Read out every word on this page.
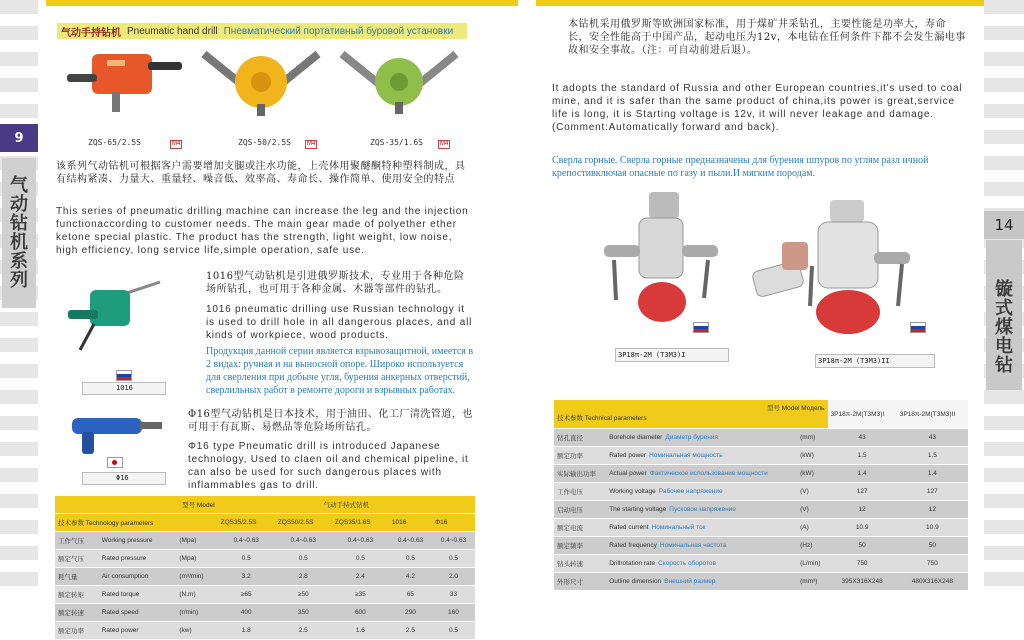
9
气
动
钻
机
系
列
14
镟
式
煤
电
钻
气动手持钻机 Pneumatic hand drill Пневматический портативный буровой установки
ZQS-65/2.5S	M4	ZQS-50/2.5S	M4	ZQS-35/1.6S	M4
该系列气动钻机可根据客户需要增加支腿或注水功能，上壳体用聚醚酮特种塑料制成，具有结构紧凑、力量大、重量轻、噪音低、效率高、寿命长、操作简单、使用安全的特点
This series of pneumatic drilling machine can increase the leg and the injection functionaccording to customer needs. The main gear made of polyether ether ketone special plastic. The product has the strength, light weight, low noise, high efficiency, long service life,simple operation, safe use.
1016
1016型气动钻机是引进俄罗斯技术，专业用于各种危险场所钻孔，也可用于各种金属、木器等部件的钻孔。
1016 pneumatic drilling use Russian technology it is used to drill hole in all dangerous places, and all kinds of workpiece, wood products.
Продукция данной серии является взрывозащитной, имеется в 2 видах: ручная и на выносной опоре. Широко используется для сверления при добыче угля, бурения анкерных отверстий, сверлильных работ в ремонте дороги и взрывных работах.
Φ16
Φ16型气动钻机是日本技术，用于油田、化工厂清洗管道，也可用于有瓦斯、易燃品等危险场所钻孔。
Φ16 type Pneumatic drill is introduced Japanese technology, Used to claen oil and chemical pipeline, it can also be used for such dangerous places with inflammables gas to drill.
型号 Model			气动手持式钻机				
技术参数 Technology parameters			ZQS35/2.5S	ZQS50/2.5S	ZQS35/1.6S	1016	Φ16
工作气压	Working pressure	(Mpa)	0.4~0.63	0.4~0.63	0.4~0.63	0.4~0.63	0.4~0.63
额定气压	Rated pressure	(Mpa)	0.5	0.5	0.5	0.5	0.5
耗气量	Air consumption	(m³/min)	3.2	2.8	2.4	4.2	2.0
额定转矩	Rated torque	(N.m)	≥65	≥50	≥35	65	33
额定转速	Rated speed	(r/min)	400	350	600	290	160
额定功率	Rated power	(kw)	1.8	2.5	1.6	2.5	0.5
本钻机采用俄罗斯等欧洲国家标准，用于煤矿井采钻孔，主要性能是功率大，寿命长，安全性能高于中国产品，起动电压为12v，本电钻在任何条件下都不会发生漏电事故和安全事故。（注：可自动前进后退）。
It adopts the standard of Russia and other European countries,it's used to coal mine, and it is safer than the same product of china,its power is great,service life is long, it is Starting voltage is 12v, it will never leakage and damage.(Comment:Automatically forward and back).
Сверла горные. Сверла горные предназначены для бурения шпуров по углям разл ичной крепостивключая опасные по газу и пыли.И мягким породам.
3P18π-2M (T3M3)I
3P18π-2M (T3M3)II
型号 Model Модель
技术参数 Technical parameters			3P18π-2M(T3M3)I	3P18π-2M(T3M3)II
钻孔直径	Borehole diameter Диаметр бурения	(mm)	43	43
额定功率	Rated power Номинальная мощность	(kW)	1.5	1.5
实际输出功率	Actual power Фактическое использование мощности	(kW)	1.4	1.4
工作电压	Working voltage Рабочее напряжение	(V)	127	127
启动电压	The starting voltage Пусковое напряжение	(V)	12	12
额定电流	Rated current Номинальный ток	(A)	10.9	10.9
额定频率	Rated frequency Номинальная частота	(Hz)	50	50
钻头转速	Drillrotation rate Скорость оборотов	(L/min)	750	750
外形尺寸	Outline dimension Внешний размер	(mm³)	395X316X248	480X316X248
